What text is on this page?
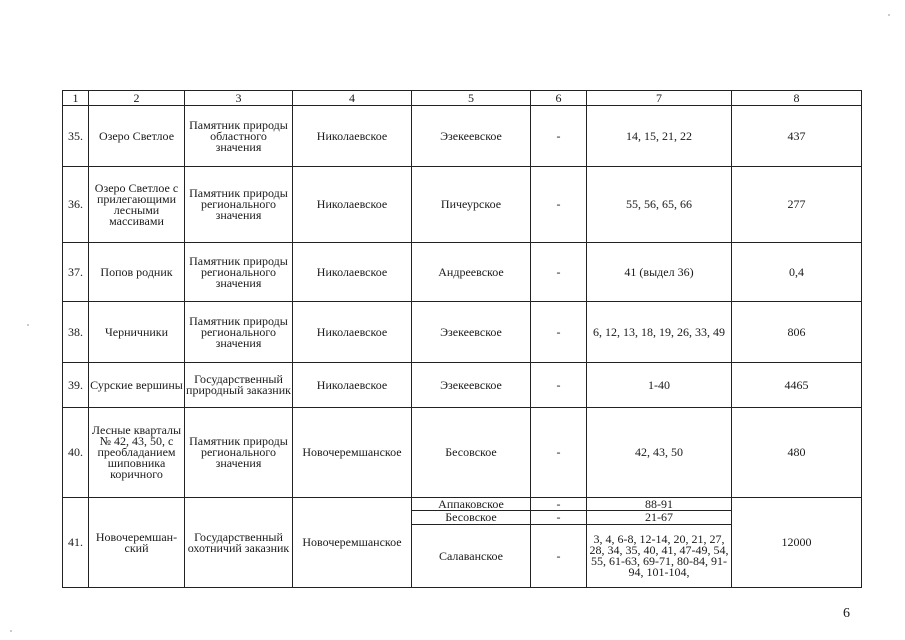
1	2	3	4	5	6	7	8
35.	Озеро Светлое	Памятник природы областного значения	Николаевское	Эзекеевское	-	14, 15, 21, 22	437
36.	Озеро Светлое с прилегающими лесными массивами	Памятник природы регионального значения	Николаевское	Пичеурское	-	55, 56, 65, 66	277
37.	Попов родник	Памятник природы регионального значения	Николаевское	Андреевское	-	41 (выдел 36)	0,4
38.	Черничники	Памятник природы регионального значения	Николаевское	Эзекеевское	-	6, 12, 13, 18, 19, 26, 33, 49	806
39.	Сурские вершины	Государственный природный заказник	Николаевское	Эзекеевское	-	1-40	4465
40.	Лесные кварталы № 42, 43, 50, с преобладанием шиповника коричного	Памятник природы регионального значения	Новочеремшанское	Бесовское	-	42, 43, 50	480
41.	Новочеремшан-ский	Государственный охотничий заказник	Новочеремшанское	Аппаковское	-	88-91	12000
				Бесовское	-	21-67	
				Салаванское	-	3, 4, 6-8, 12-14, 20, 21, 27, 28, 34, 35, 40, 41, 47-49, 54, 55, 61-63, 69-71, 80-84, 91-94, 101-104,	
6
